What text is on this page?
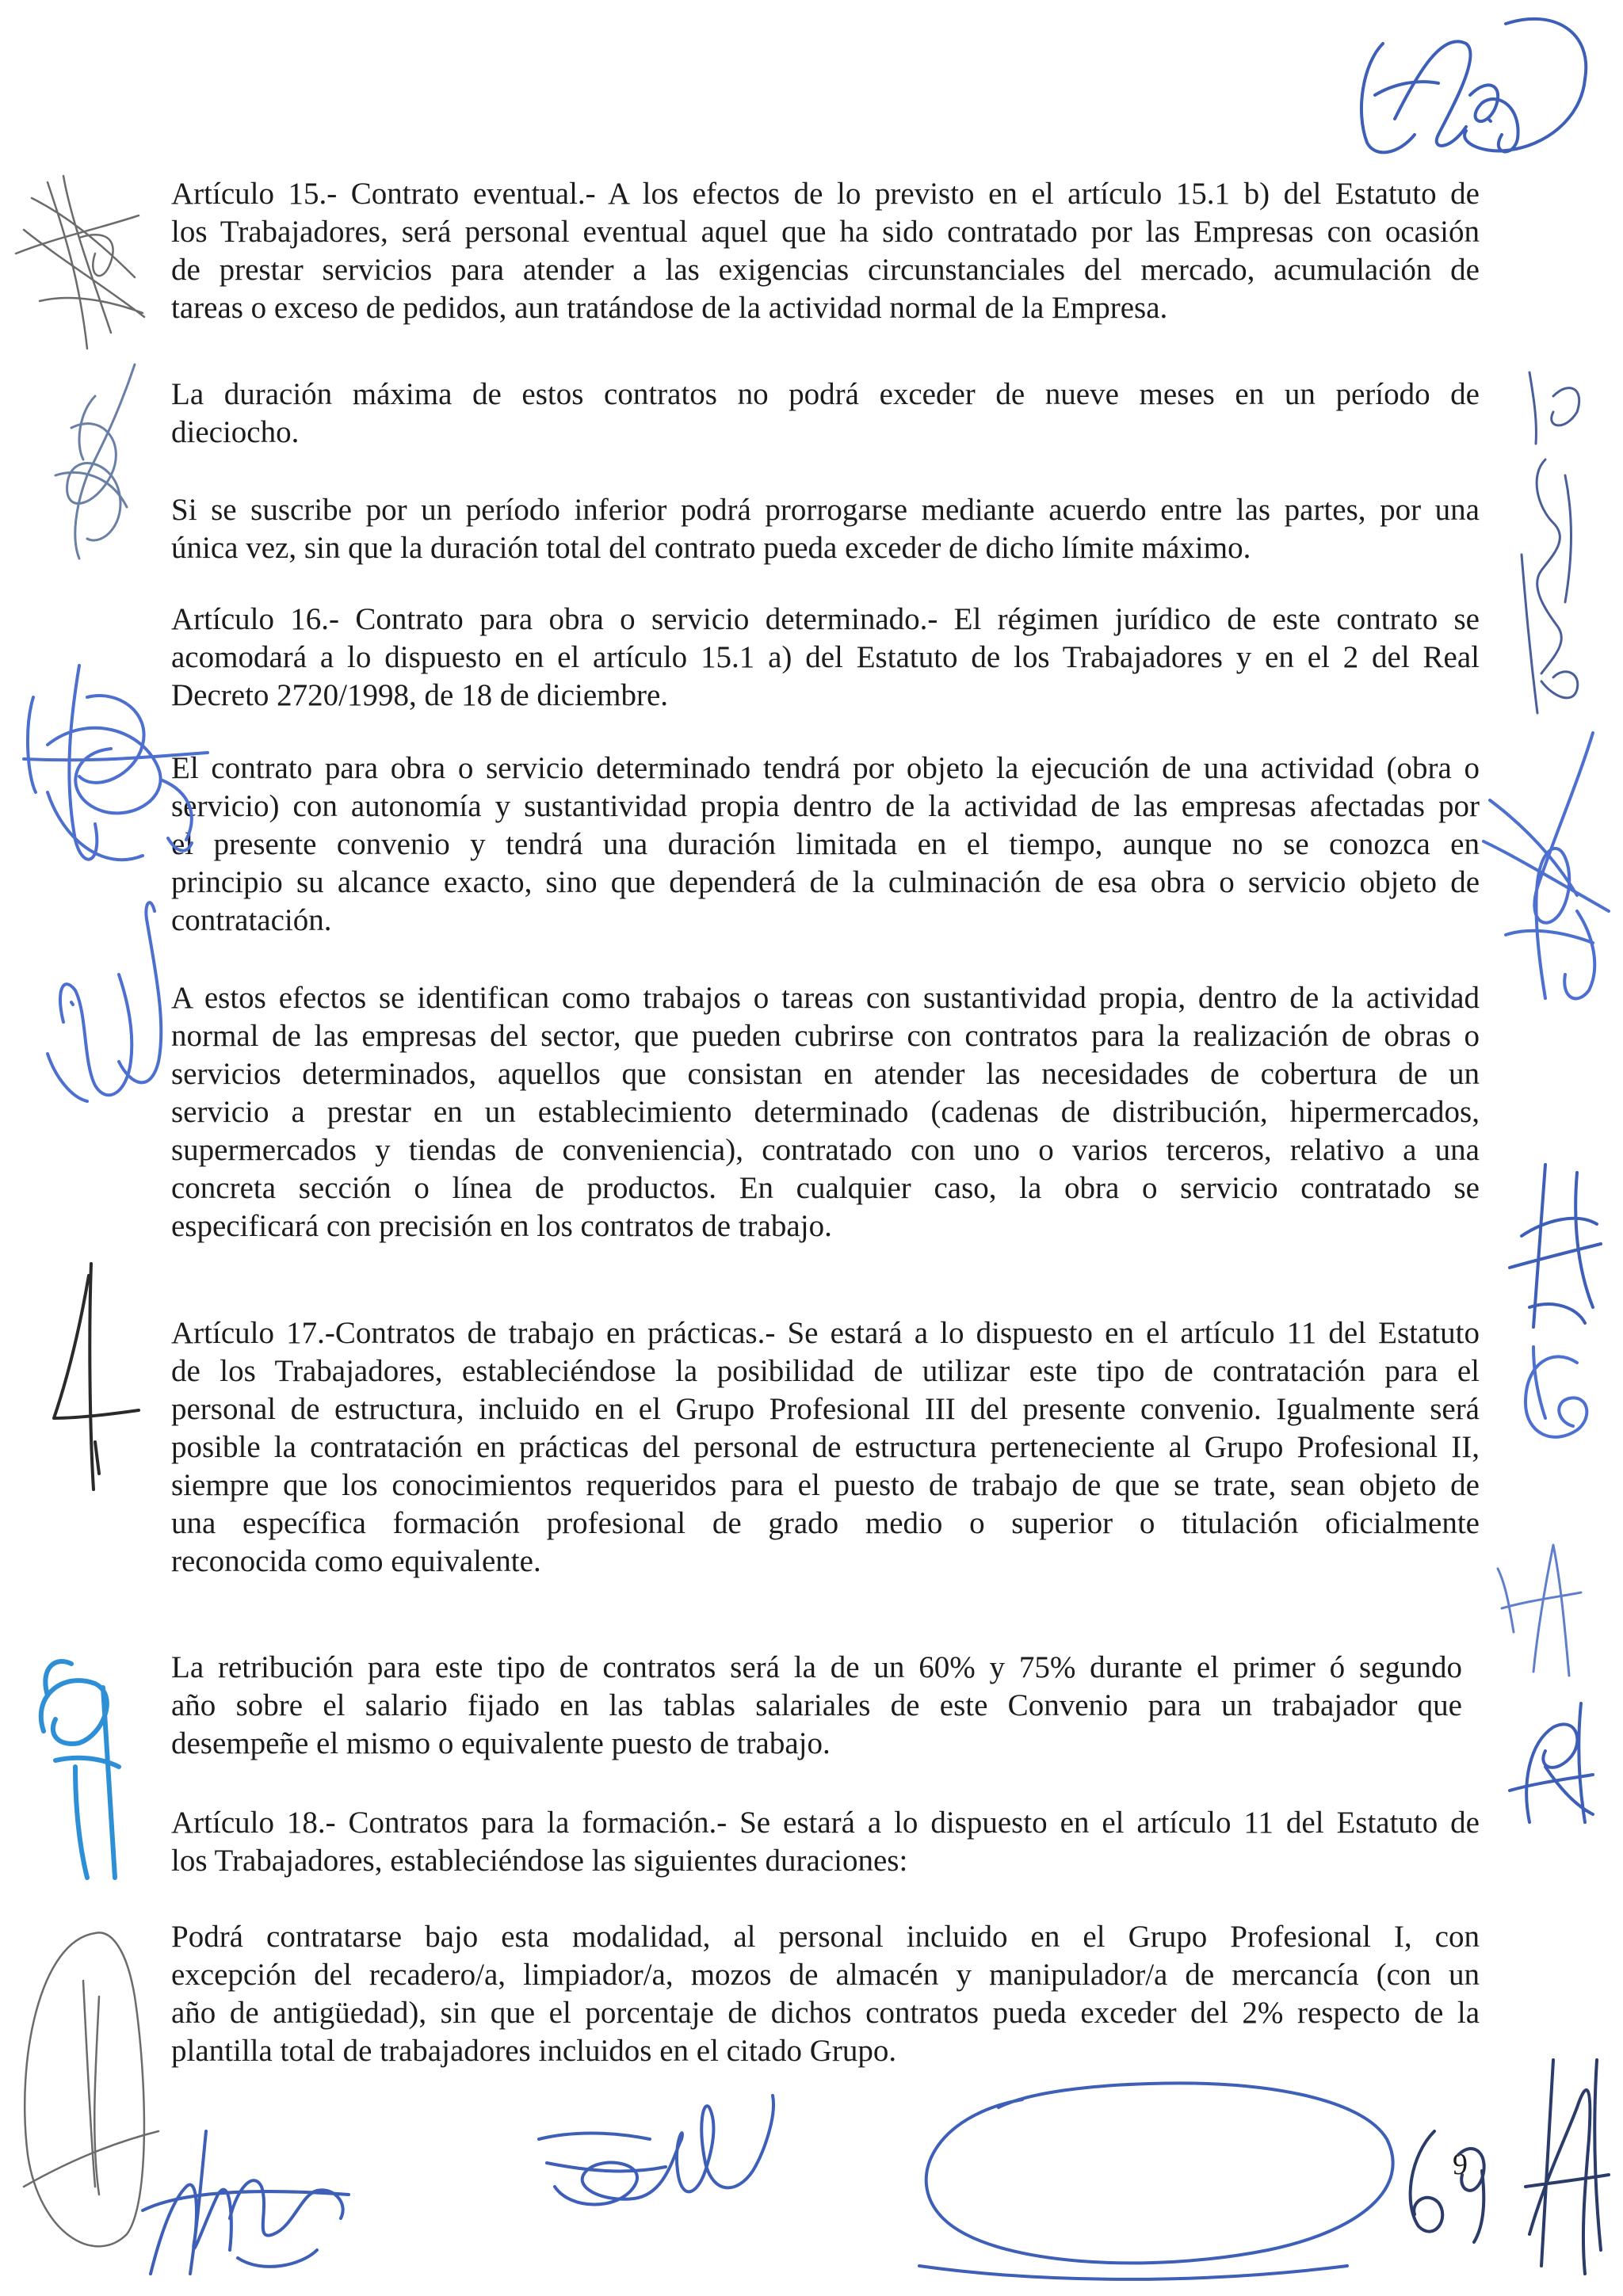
Artículo 15.- Contrato eventual.- A los efectos de lo previsto en el artículo 15.1 b) del Estatuto de
los Trabajadores, será personal eventual aquel que ha sido contratado por las Empresas con ocasión
de prestar servicios para atender a las exigencias circunstanciales del mercado, acumulación de
tareas o exceso de pedidos, aun tratándose de la actividad normal de la Empresa.
La duración máxima de estos contratos no podrá exceder de nueve meses en un período de
dieciocho.
Si se suscribe por un período inferior podrá prorrogarse mediante acuerdo entre las partes, por una
única vez, sin que la duración total del contrato pueda exceder de dicho límite máximo.
Artículo 16.- Contrato para obra o servicio determinado.- El régimen jurídico de este contrato se
acomodará a lo dispuesto en el artículo 15.1 a) del Estatuto de los Trabajadores y en el 2 del Real
Decreto 2720/1998, de 18 de diciembre.
El contrato para obra o servicio determinado tendrá por objeto la ejecución de una actividad (obra o
servicio) con autonomía y sustantividad propia dentro de la actividad de las empresas afectadas por
el presente convenio y tendrá una duración limitada en el tiempo, aunque no se conozca en
principio su alcance exacto, sino que dependerá de la culminación de esa obra o servicio objeto de
contratación.
A estos efectos se identifican como trabajos o tareas con sustantividad propia, dentro de la actividad
normal de las empresas del sector, que pueden cubrirse con contratos para la realización de obras o
servicios determinados, aquellos que consistan en atender las necesidades de cobertura de un
servicio a prestar en un establecimiento determinado (cadenas de distribución, hipermercados,
supermercados y tiendas de conveniencia), contratado con uno o varios terceros, relativo a una
concreta sección o línea de productos. En cualquier caso, la obra o servicio contratado se
especificará con precisión en los contratos de trabajo.
Artículo 17.-Contratos de trabajo en prácticas.- Se estará a lo dispuesto en el artículo 11 del Estatuto
de los Trabajadores, estableciéndose la posibilidad de utilizar este tipo de contratación para el
personal de estructura, incluido en el Grupo Profesional III del presente convenio. Igualmente será
posible la contratación en prácticas del personal de estructura perteneciente al Grupo Profesional II,
siempre que los conocimientos requeridos para el puesto de trabajo de que se trate, sean objeto de
una específica formación profesional de grado medio o superior o titulación oficialmente
reconocida como equivalente.
La retribución para este tipo de contratos será la de un 60% y 75% durante el primer ó segundo
año sobre el salario fijado en las tablas salariales de este Convenio para un trabajador que
desempeñe el mismo o equivalente puesto de trabajo.
Artículo 18.- Contratos para la formación.- Se estará a lo dispuesto en el artículo 11 del Estatuto de
los Trabajadores, estableciéndose las siguientes duraciones:
Podrá contratarse bajo esta modalidad, al personal incluido en el Grupo Profesional I, con
excepción del recadero/a, limpiador/a, mozos de almacén y manipulador/a de mercancía (con un
año de antigüedad), sin que el porcentaje de dichos contratos pueda exceder del 2% respecto de la
plantilla total de trabajadores incluidos en el citado Grupo.
9
